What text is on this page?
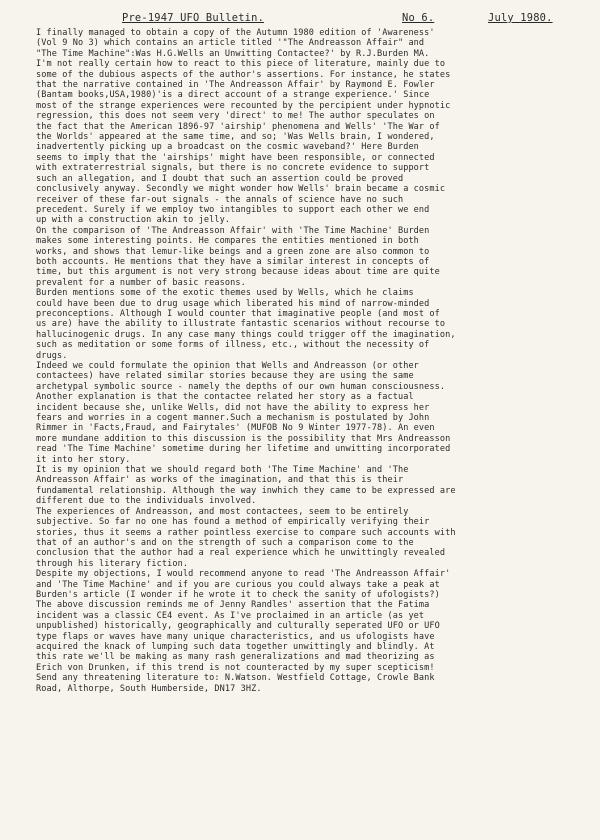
Pre-1947 UFO Bulletin.	No 6.	July 1980.
I finally managed to obtain a copy of the Autumn 1980 edition of 'Awareness'
(Vol 9 No 3) which contains an article titled '"The Andreasson Affair" and
"The Time Machine":Was H.G.Wells an Unwitting Contactee?' by R.J.Burden MA.
I'm not really certain how to react to this piece of literature, mainly due to
some of the dubious aspects of the author's assertions. For instance, he states
that the narrative contained in 'The Andreasson Affair' by Raymond E. Fowler
(Bantam books,USA,1980)'is a direct account of a strange experience.' Since
most of the strange experiences were recounted by the percipient under hypnotic
regression, this does not seem very 'direct' to me! The author speculates on
the fact that the American 1896-97 'airship' phenomena and Wells' 'The War of
the Worlds' appeared at the same time, and so; 'Was Wells brain, I wondered,
inadvertently picking up a broadcast on the cosmic waveband?' Here Burden
seems to imply that the 'airships' might have been responsible, or connected
with extraterrestrial signals, but there is no concrete evidence to support
such an allegation, and I doubt that such an assertion could be proved
conclusively anyway. Secondly we might wonder how Wells' brain became a cosmic
receiver of these far-out signals - the annals of science have no such
precedent. Surely if we employ two intangibles to support each other we end
up with a construction akin to jelly.
On the comparison of 'The Andreasson Affair' with 'The Time Machine' Burden
makes some interesting points. He compares the entities mentioned in both
works, and shows that lemur-like beings and a green zone are also common to
both accounts. He mentions that they have a similar interest in concepts of
time, but this argument is not very strong because ideas about time are quite
prevalent for a number of basic reasons.
Burden mentions some of the exotic themes used by Wells, which he claims
could have been due to drug usage which liberated his mind of narrow-minded
preconceptions. Although I would counter that imaginative people (and most of
us are) have the ability to illustrate fantastic scenarios without recourse to
hallucinogenic drugs. In any case many things could trigger off the imagination,
such as meditation or some forms of illness, etc., without the necessity of
drugs.
Indeed we could formulate the opinion that Wells and Andreasson (or other
contactees) have related similar stories because they are using the same
archetypal symbolic source - namely the depths of our own human consciousness.
Another explanation is that the contactee related her story as a factual
incident because she, unlike Wells, did not have the ability to express her
fears and worries in a cogent manner.Such a mechanism is postulated by John
Rimmer in 'Facts,Fraud, and Fairytales' (MUFOB No 9 Winter 1977-78). An even
more mundane addition to this discussion is the possibility that Mrs Andreasson
read 'The Time Machine' sometime during her lifetime and unwitting incorporated
it into her story.
It is my opinion that we should regard both 'The Time Machine' and 'The
Andreasson Affair' as works of the imagination, and that this is their
fundamental relationship. Although the way inwhich they came to be expressed are
different due to the individuals involved.
The experiences of Andreasson, and most contactees, seem to be entirely
subjective. So far no one has found a method of empirically verifying their
stories, thus it seems a rather pointless exercise to compare such accounts with
that of an author's and on the strength of such a comparison come to the
conclusion that the author had a real experience which he unwittingly revealed
through his literary fiction.
Despite my objections, I would recommend anyone to read 'The Andreasson Affair'
and 'The Time Machine' and if you are curious you could always take a peak at
Burden's article (I wonder if he wrote it to check the sanity of ufologists?)
The above discussion reminds me of Jenny Randles' assertion that the Fatima
incident was a classic CE4 event. As I've proclaimed in an article (as yet
unpublished) historically, geographically and culturally seperated UFO or UFO
type flaps or waves have many unique characteristics, and us ufologists have
acquired the knack of lumping such data together unwittingly and blindly. At
this rate we'll be making as many rash generalizations and mad theorizing as
Erich von Drunken, if this trend is not counteracted by my super scepticism!
Send any threatening literature to: N.Watson. Westfield Cottage, Crowle Bank
Road, Althorpe, South Humberside, DN17 3HZ.
